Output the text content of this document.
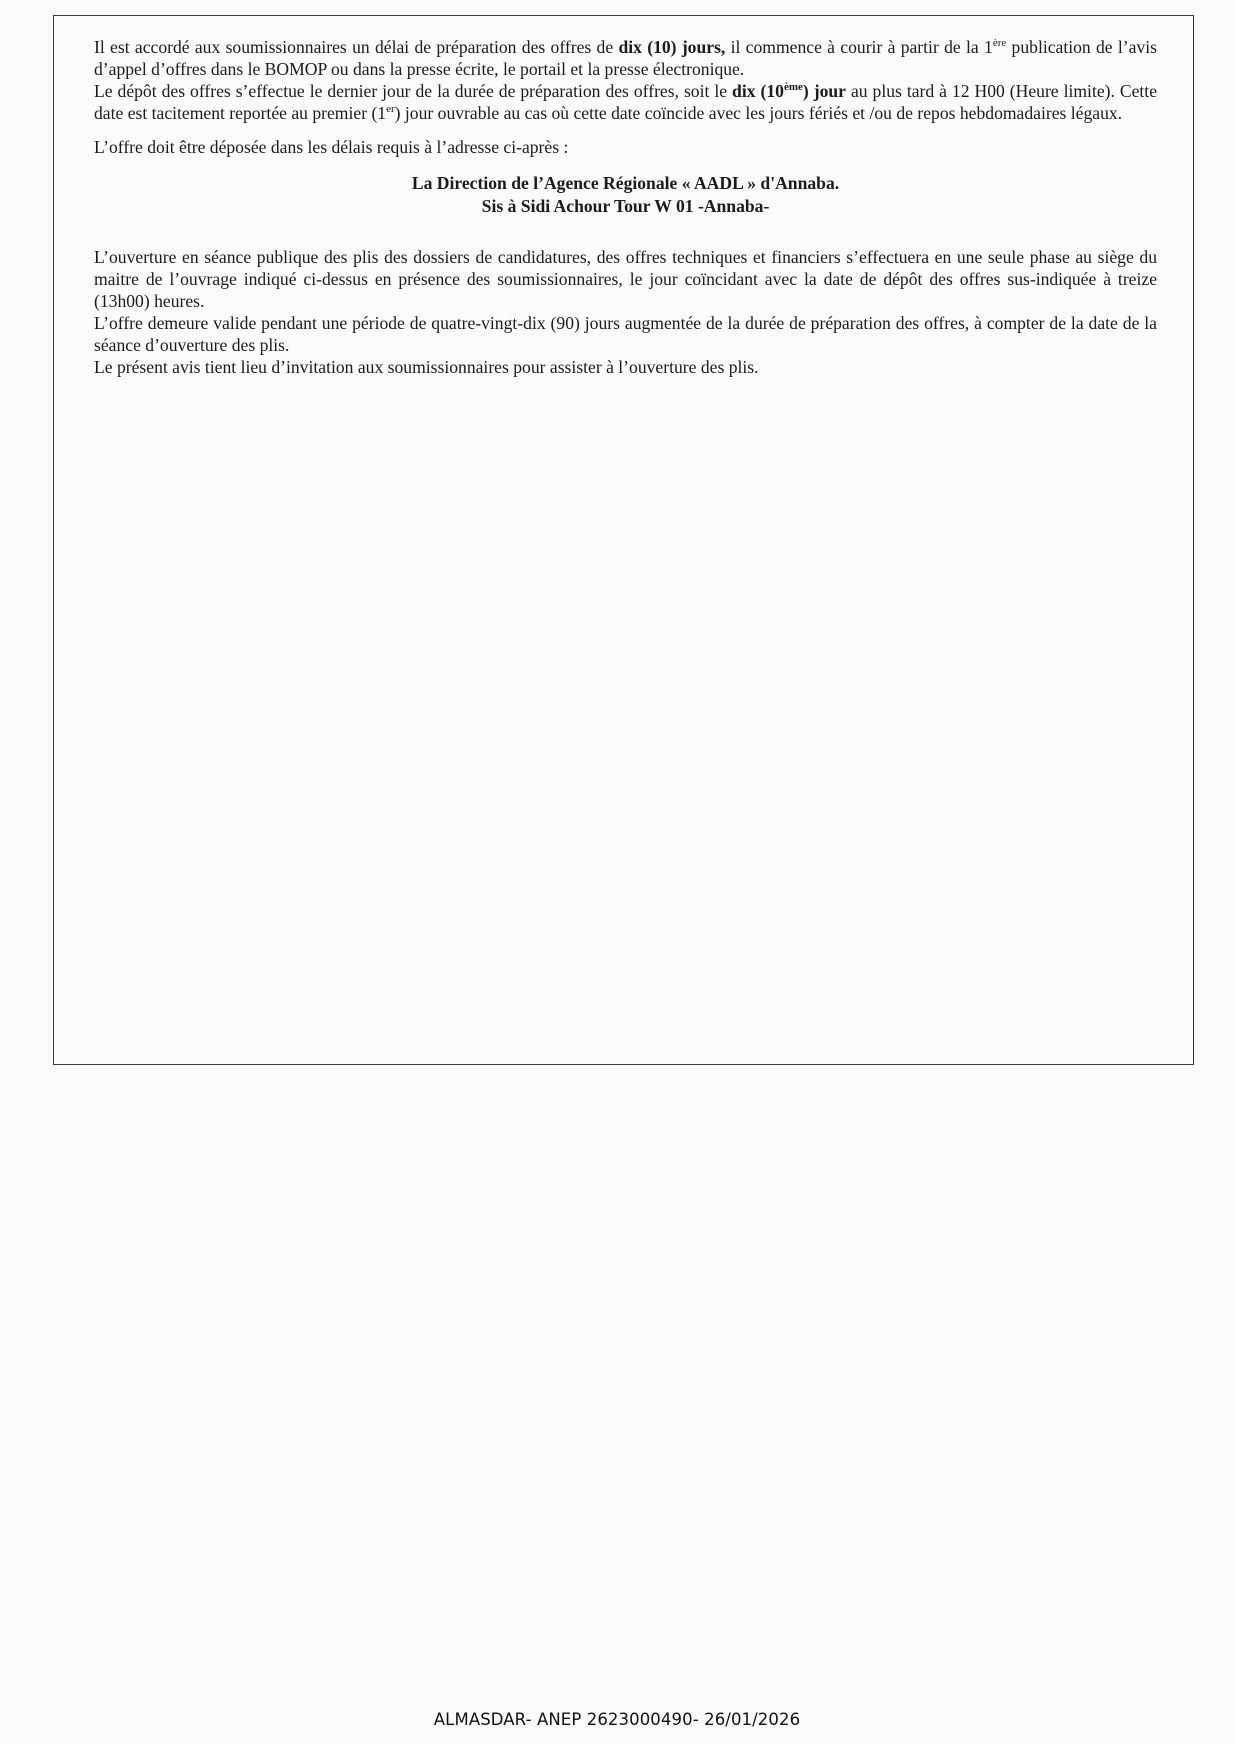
Il est accordé aux soumissionnaires un délai de préparation des offres de dix (10) jours, il commence à courir à partir de la 1ère publication de l’avis d’appel d’offres dans le BOMOP ou dans la presse écrite, le portail et la presse électronique.

Le dépôt des offres s’effectue le dernier jour de la durée de préparation des offres, soit le dix (10ème) jour au plus tard à 12 H00 (Heure limite). Cette date est tacitement reportée au premier (1er) jour ouvrable au cas où cette date coïncide avec les jours fériés et /ou de repos hebdomadaires légaux.

L’offre doit être déposée dans les délais requis à l’adresse ci-après :

La Direction de l’Agence Régionale « AADL » d'Annaba.
Sis à Sidi Achour Tour W 01 -Annaba-

L’ouverture en séance publique des plis des dossiers de candidatures, des offres techniques et financiers s’effectuera en une seule phase au siège du maitre de l’ouvrage indiqué ci-dessus en présence des soumissionnaires, le jour coïncidant avec la date de dépôt des offres sus-indiquée à treize (13h00) heures.

L’offre demeure valide pendant une période de quatre-vingt-dix (90) jours augmentée de la durée de préparation des offres, à compter de la date de la séance d’ouverture des plis.

Le présent avis tient lieu d’invitation aux soumissionnaires pour assister à l’ouverture des plis.

ALMASDAR- ANEP 2623000490- 26/01/2026
